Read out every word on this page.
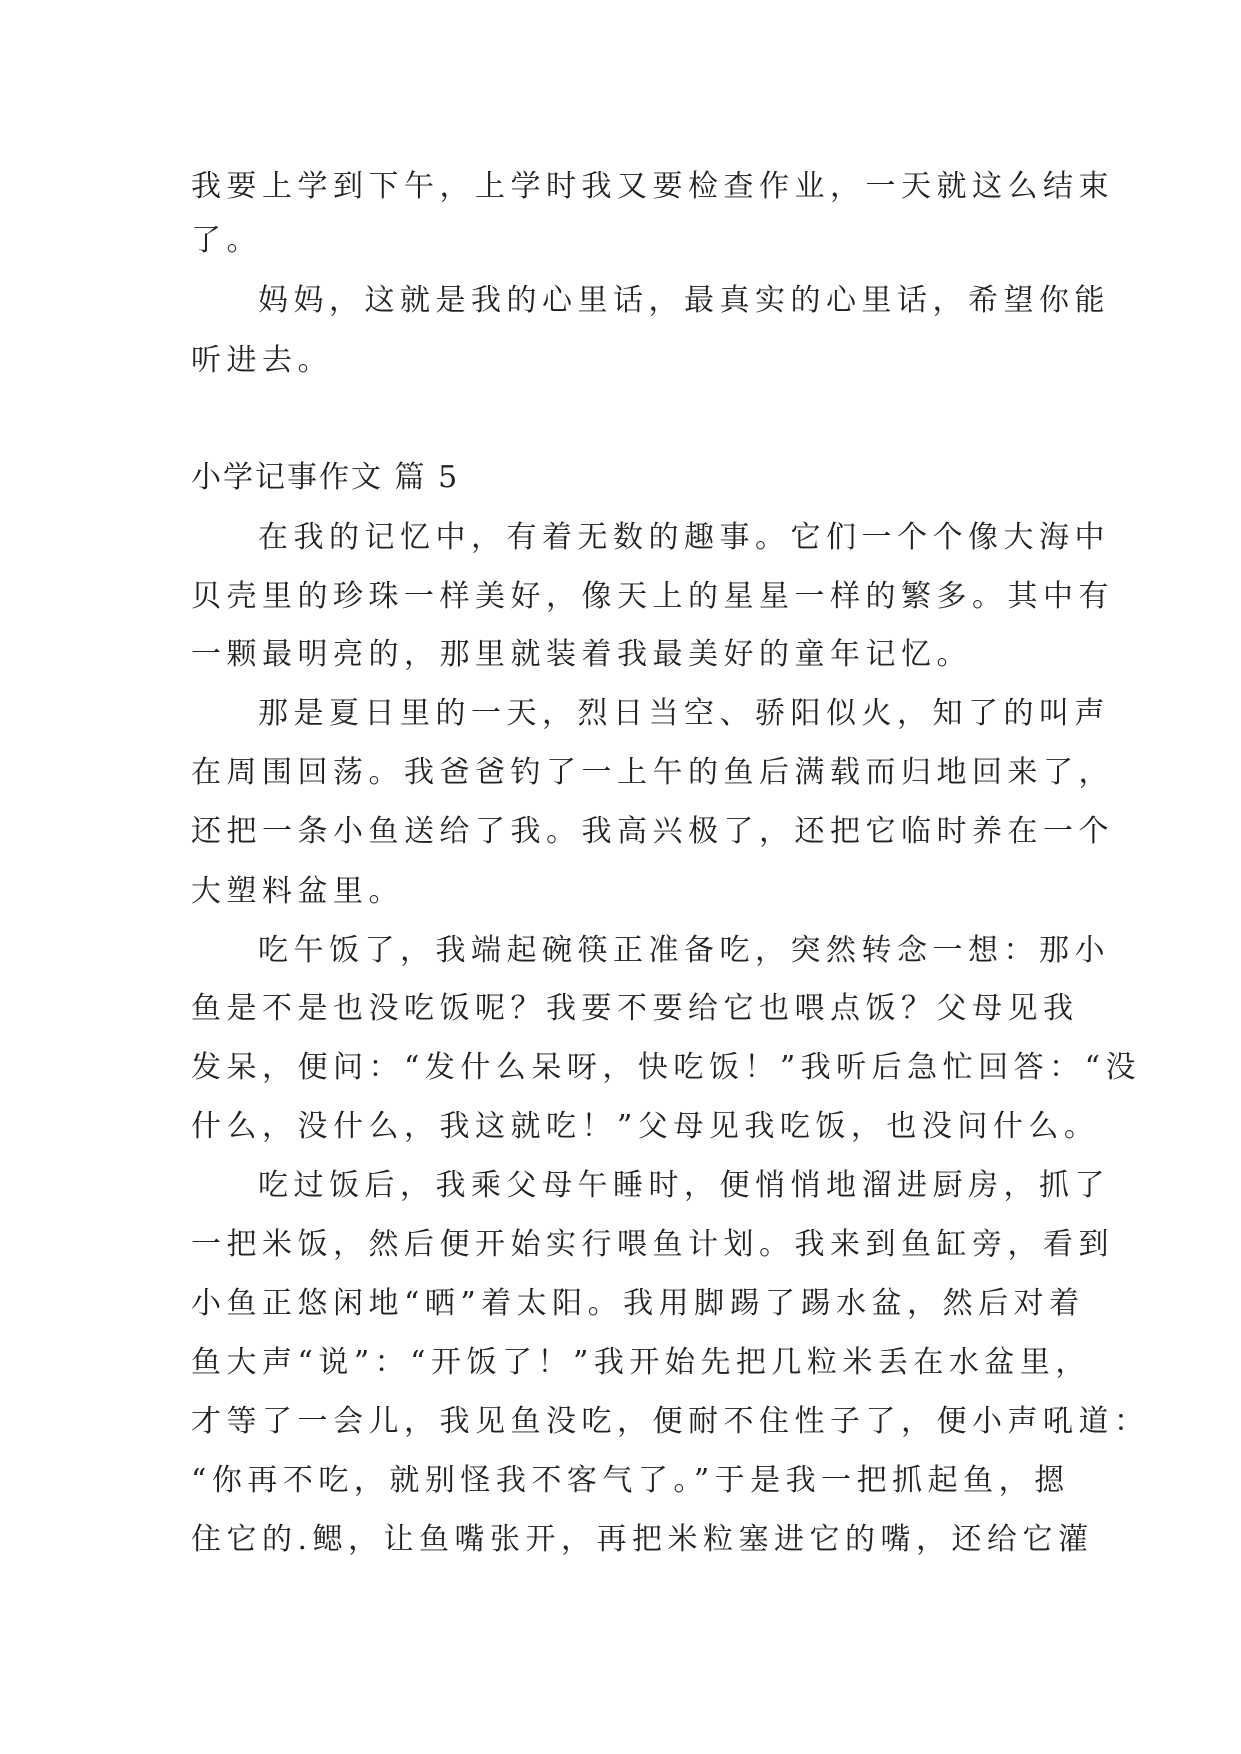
我要上学到下午，上学时我又要检查作业，一天就这么结束
了。
妈妈，这就是我的心里话，最真实的心里话，希望你能
听进去。
小学记事作文 篇 5
在我的记忆中，有着无数的趣事。它们一个个像大海中
贝壳里的珍珠一样美好，像天上的星星一样的繁多。其中有
一颗最明亮的，那里就装着我最美好的童年记忆。
那是夏日里的一天，烈日当空、骄阳似火，知了的叫声
在周围回荡。我爸爸钓了一上午的鱼后满载而归地回来了，
还把一条小鱼送给了我。我高兴极了，还把它临时养在一个
大塑料盆里。
吃午饭了，我端起碗筷正准备吃，突然转念一想：那小
鱼是不是也没吃饭呢？我要不要给它也喂点饭？父母见我
发呆，便问：“发什么呆呀，快吃饭！”我听后急忙回答：“没
什么，没什么，我这就吃！”父母见我吃饭，也没问什么。
吃过饭后，我乘父母午睡时，便悄悄地溜进厨房，抓了
一把米饭，然后便开始实行喂鱼计划。我来到鱼缸旁，看到
小鱼正悠闲地“晒”着太阳。我用脚踢了踢水盆，然后对着
鱼大声“说”：“开饭了！”我开始先把几粒米丢在水盆里，
才等了一会儿，我见鱼没吃，便耐不住性子了，便小声吼道：
“你再不吃，就别怪我不客气了。”于是我一把抓起鱼，摁
住它的.鳃，让鱼嘴张开，再把米粒塞进它的嘴，还给它灌
